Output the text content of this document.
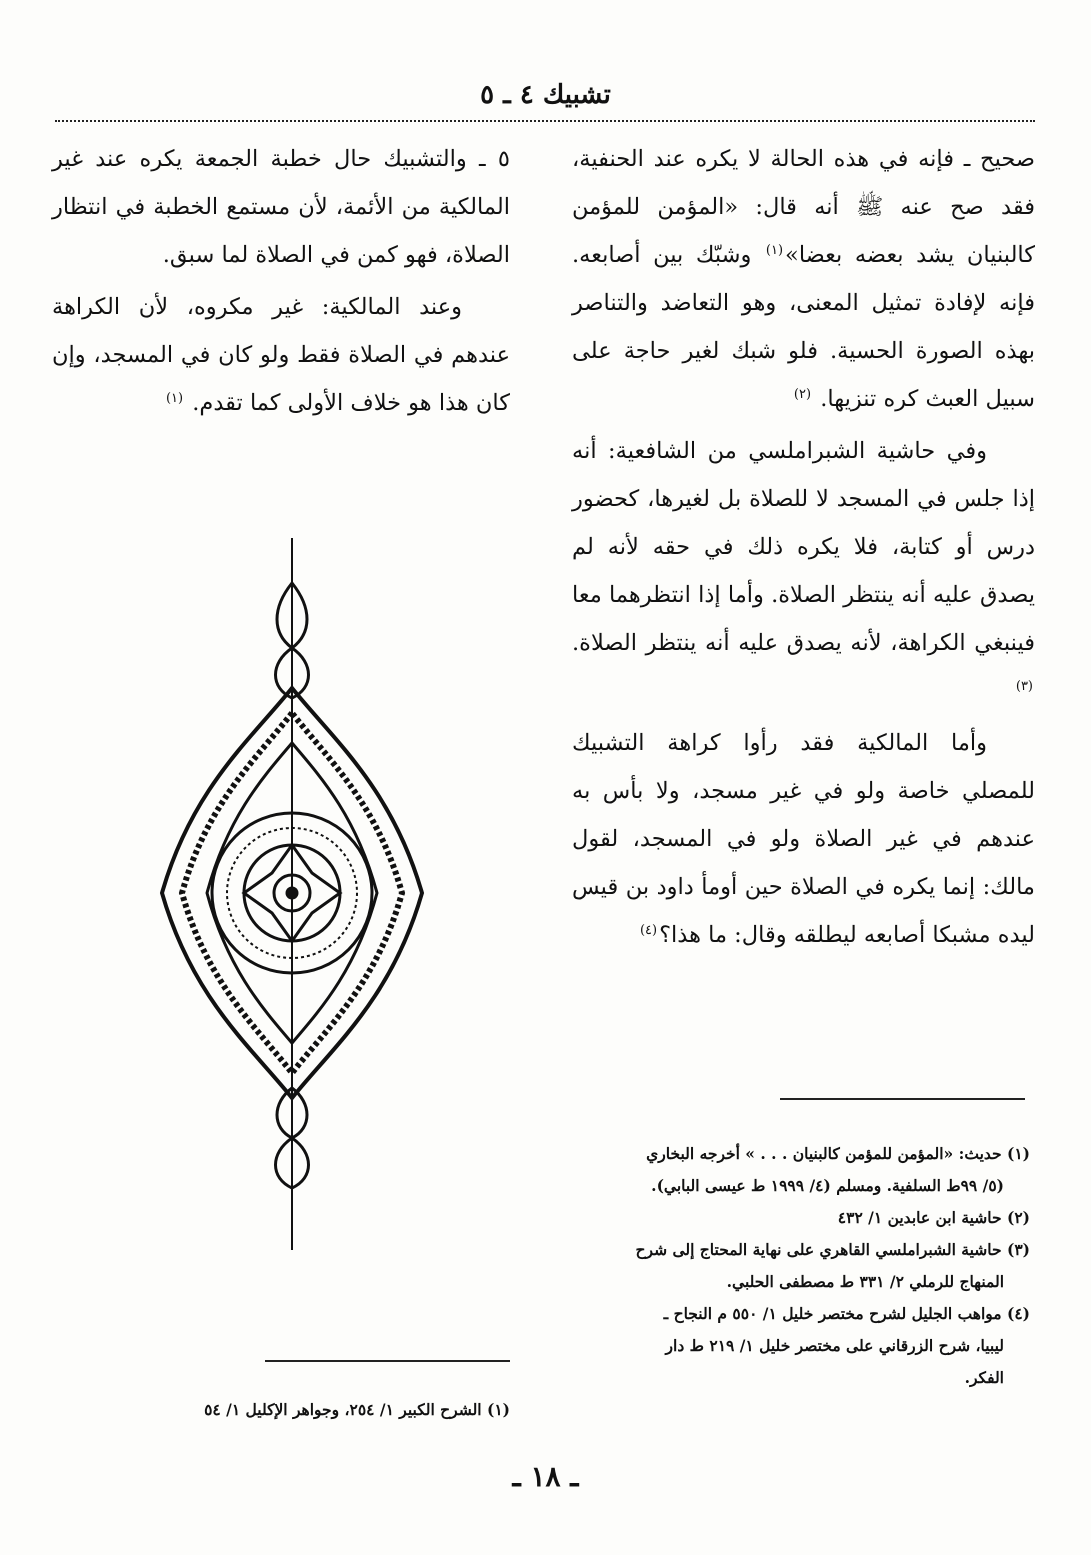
تشبيك ٤ ـ ٥

صحيح ـ فإنه في هذه الحالة لا يكره عند الحنفية، فقد صح عنه ﷺ أنه قال: «المؤمن للمؤمن كالبنيان يشد بعضه بعضا»$^{(١)}$ وشبّك بين أصابعه. فإنه لإفادة تمثيل المعنى، وهو التعاضد والتناصر بهذه الصورة الحسية. فلو شبك لغير حاجة على سبيل العبث كره تنزيها. $^{(٢)}$

وفي حاشية الشبراملسي من الشافعية: أنه إذا جلس في المسجد لا للصلاة بل لغيرها، كحضور درس أو كتابة، فلا يكره ذلك في حقه لأنه لم يصدق عليه أنه ينتظر الصلاة. وأما إذا انتظرهما معا فينبغي الكراهة، لأنه يصدق عليه أنه ينتظر الصلاة. $^{(٣)}$

وأما المالكية فقد رأوا كراهة التشبيك للمصلي خاصة ولو في غير مسجد، ولا بأس به عندهم في غير الصلاة ولو في المسجد، لقول مالك: إنما يكره في الصلاة حين أومأ داود بن قيس ليده مشبكا أصابعه ليطلقه وقال: ما هذا؟$^{(٤)}$

٥ ـ والتشبيك حال خطبة الجمعة يكره عند غير المالكية من الأئمة، لأن مستمع الخطبة في انتظار الصلاة، فهو كمن في الصلاة لما سبق.

وعند المالكية: غير مكروه، لأن الكراهة عندهم في الصلاة فقط ولو كان في المسجد، وإن كان هذا هو خلاف الأولى كما تقدم. $^{(١)}$

(١) حديث: «المؤمن للمؤمن كالبنيان . . . » أخرجه البخاري

(٥/ ٩٩ط السلفية. ومسلم (٤/ ١٩٩٩ ط عيسى البابي).

(٢) حاشية ابن عابدين ١/ ٤٣٢

(٣) حاشية الشبراملسي القاهري على نهاية المحتاج إلى شرح

المنهاج للرملي ٢/ ٣٣١ ط مصطفى الحلبي.

(٤) مواهب الجليل لشرح مختصر خليل ١/ ٥٥٠ م النجاح ـ

ليبيا، شرح الزرقاني على مختصر خليل ١/ ٢١٩ ط دار

الفكر.

(١) الشرح الكبير ١/ ٢٥٤، وجواهر الإكليل ١/ ٥٤

ـ ١٨ ـ
